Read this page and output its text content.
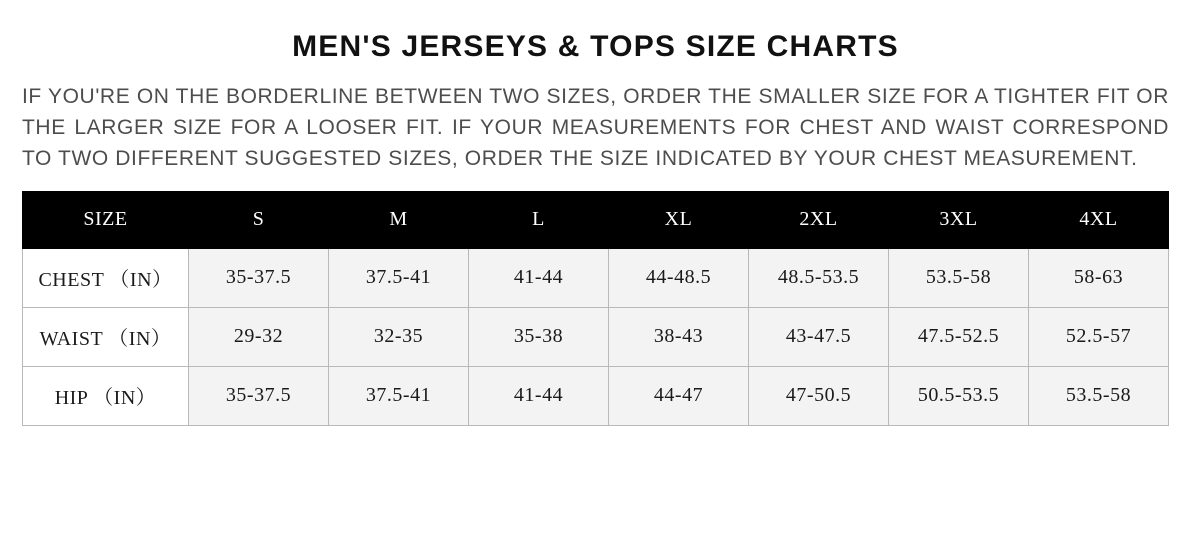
MEN'S JERSEYS & TOPS SIZE CHARTS

IF YOU'RE ON THE BORDERLINE BETWEEN TWO SIZES, ORDER THE SMALLER SIZE FOR A TIGHTER FIT OR THE LARGER SIZE FOR A LOOSER FIT. IF YOUR MEASUREMENTS FOR CHEST AND WAIST CORRESPOND TO TWO DIFFERENT SUGGESTED SIZES, ORDER THE SIZE INDICATED BY YOUR CHEST MEASUREMENT.

SIZE	S	M	L	XL	2XL	3XL	4XL
CHEST （IN）	35-37.5	37.5-41	41-44	44-48.5	48.5-53.5	53.5-58	58-63
WAIST （IN）	29-32	32-35	35-38	38-43	43-47.5	47.5-52.5	52.5-57
HIP （IN）	35-37.5	37.5-41	41-44	44-47	47-50.5	50.5-53.5	53.5-58
